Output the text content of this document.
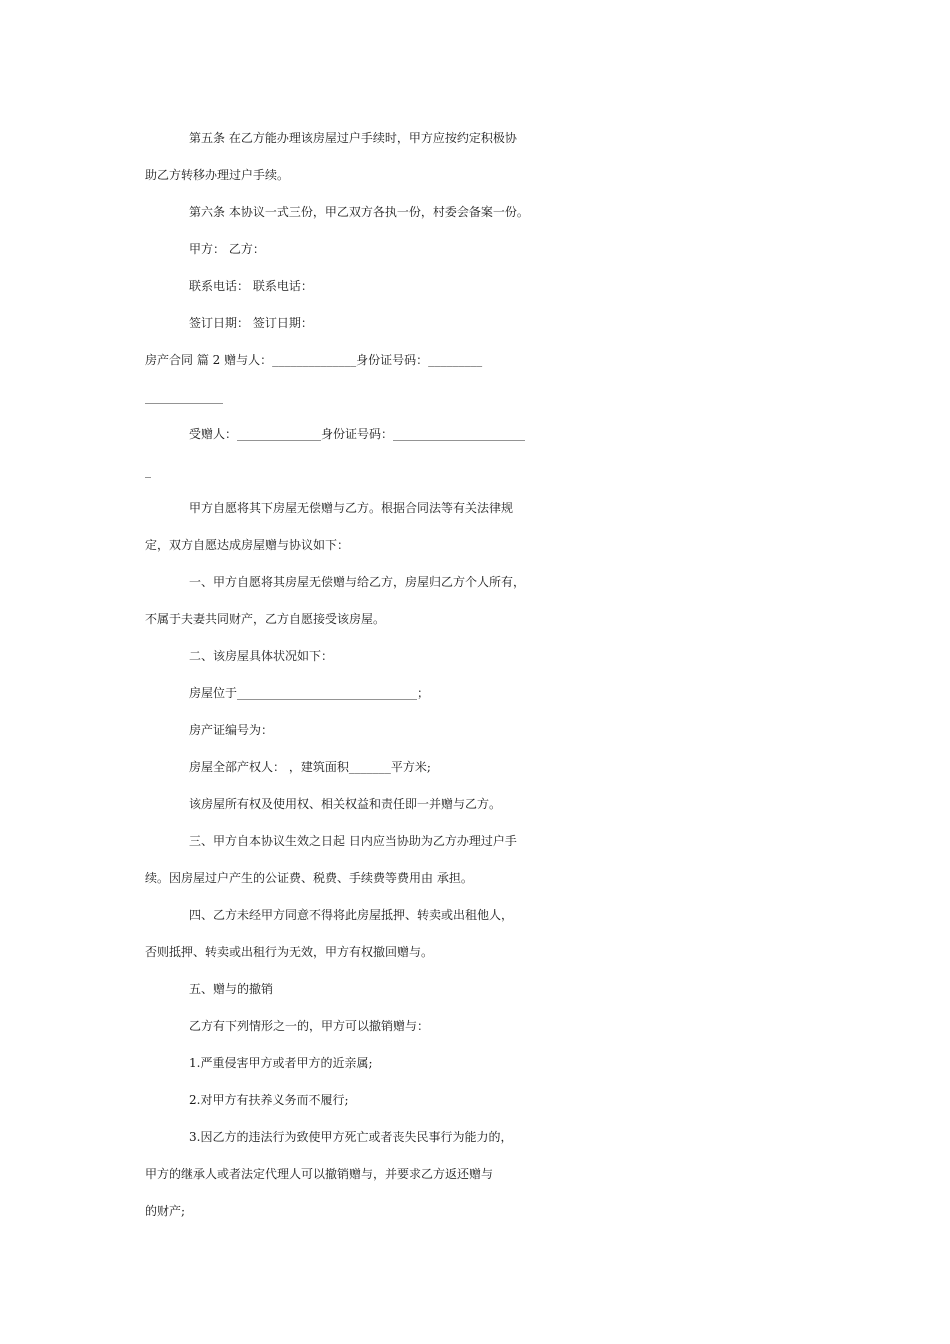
第五条 在乙方能办理该房屋过户手续时，甲方应按约定积极协
助乙方转移办理过户手续。
第六条 本协议一式三份，甲乙双方各执一份，村委会备案一份。
甲方： 乙方：
联系电话： 联系电话：
签订日期： 签订日期：
房产合同 篇 2 赠与人：______________身份证号码：_________
_____________
受赠人：______________身份证号码：______________________
_
甲方自愿将其下房屋无偿赠与乙方。根据合同法等有关法律规
定，双方自愿达成房屋赠与协议如下：
一、甲方自愿将其房屋无偿赠与给乙方，房屋归乙方个人所有，
不属于夫妻共同财产，乙方自愿接受该房屋。
二、该房屋具体状况如下：
房屋位于______________________________；
房产证编号为：
房屋全部产权人： ，建筑面积_______平方米;
该房屋所有权及使用权、相关权益和责任即一并赠与乙方。
三、甲方自本协议生效之日起 日内应当协助为乙方办理过户手
续。因房屋过户产生的公证费、税费、手续费等费用由 承担。
四、乙方未经甲方同意不得将此房屋抵押、转卖或出租他人，
否则抵押、转卖或出租行为无效，甲方有权撤回赠与。
五、赠与的撤销
乙方有下列情形之一的，甲方可以撤销赠与：
1.严重侵害甲方或者甲方的近亲属;
2.对甲方有扶养义务而不履行;
3.因乙方的违法行为致使甲方死亡或者丧失民事行为能力的，
甲方的继承人或者法定代理人可以撤销赠与，并要求乙方返还赠与
的财产;
